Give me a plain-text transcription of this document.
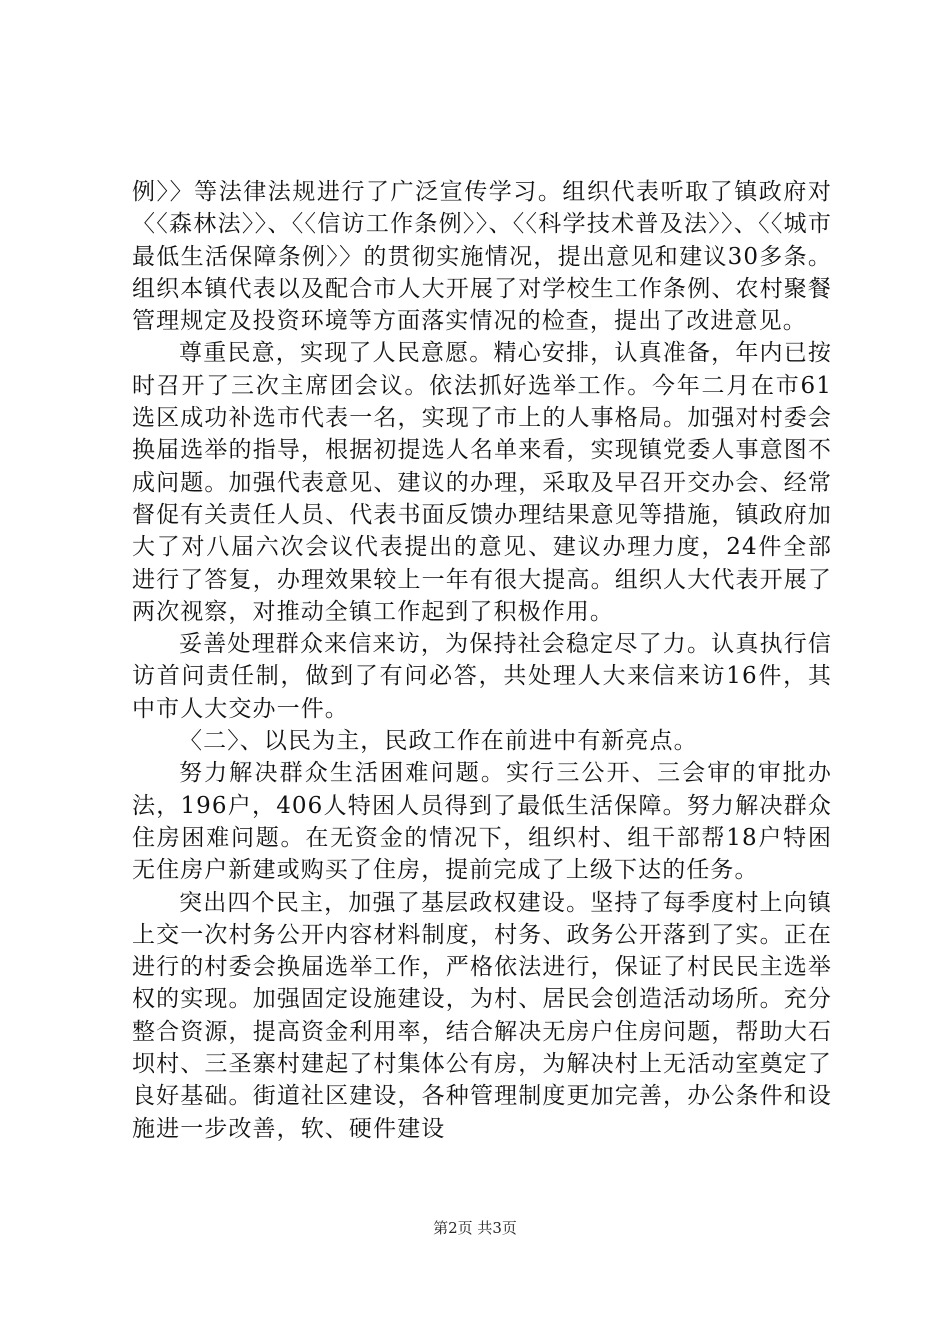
例〉〉等法律法规进行了广泛宣传学习。组织代表听取了镇政府对〈〈森林法〉〉、〈〈信访工作条例〉〉、〈〈科学技术普及法〉〉、〈〈城市最低生活保障条例〉〉的贯彻实施情况，提出意见和建议30多条。组织本镇代表以及配合市人大开展了对学校生工作条例、农村聚餐管理规定及投资环境等方面落实情况的检查，提出了改进意见。

尊重民意，实现了人民意愿。精心安排，认真准备，年内已按时召开了三次主席团会议。依法抓好选举工作。今年二月在市61选区成功补选市代表一名，实现了市上的人事格局。加强对村委会换届选举的指导，根据初提选人名单来看，实现镇党委人事意图不成问题。加强代表意见、建议的办理，采取及早召开交办会、经常督促有关责任人员、代表书面反馈办理结果意见等措施，镇政府加大了对八届六次会议代表提出的意见、建议办理力度，24件全部进行了答复，办理效果较上一年有很大提高。组织人大代表开展了两次视察，对推动全镇工作起到了积极作用。

妥善处理群众来信来访，为保持社会稳定尽了力。认真执行信访首问责任制，做到了有问必答，共处理人大来信来访16件，其中市人大交办一件。

〈二〉、以民为主，民政工作在前进中有新亮点。

努力解决群众生活困难问题。实行三公开、三会审的审批办法，196户，406人特困人员得到了最低生活保障。努力解决群众住房困难问题。在无资金的情况下，组织村、组干部帮18户特困无住房户新建或购买了住房，提前完成了上级下达的任务。

突出四个民主，加强了基层政权建设。坚持了每季度村上向镇上交一次村务公开内容材料制度，村务、政务公开落到了实。正在进行的村委会换届选举工作，严格依法进行，保证了村民民主选举权的实现。加强固定设施建设，为村、居民会创造活动场所。充分整合资源，提高资金利用率，结合解决无房户住房问题，帮助大石坝村、三圣寨村建起了村集体公有房，为解决村上无活动室奠定了良好基础。街道社区建设，各种管理制度更加完善，办公条件和设施进一步改善，软、硬件建设

第2页 共3页
